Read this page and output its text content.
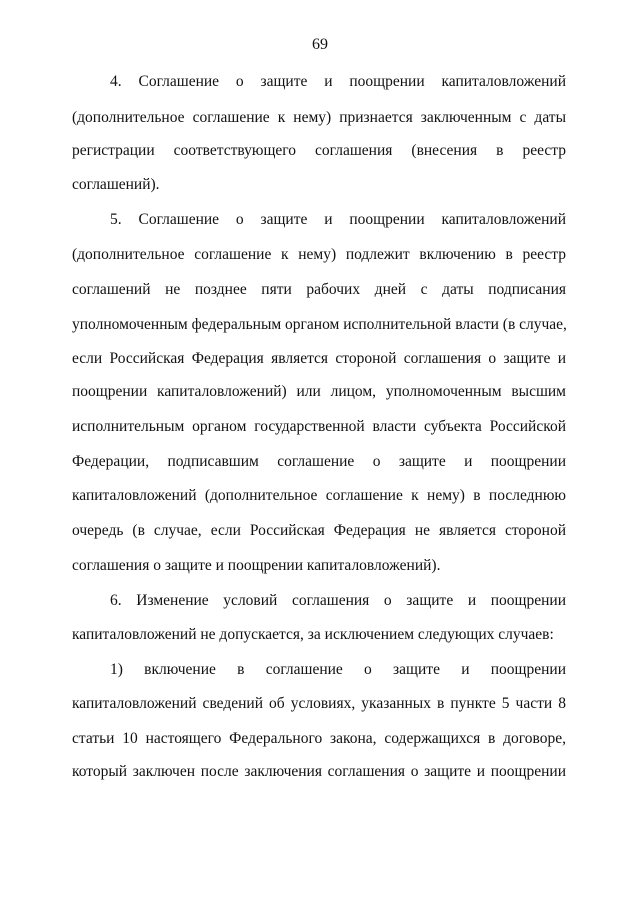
69
4. Соглашение о защите и поощрении капиталовложений
(дополнительное соглашение к нему) признается заключенным с даты
регистрации соответствующего соглашения (внесения в реестр
соглашений).
5. Соглашение о защите и поощрении капиталовложений
(дополнительное соглашение к нему) подлежит включению в реестр
соглашений не позднее пяти рабочих дней с даты подписания
уполномоченным федеральным органом исполнительной власти (в случае,
если Российская Федерация является стороной соглашения о защите и
поощрении капиталовложений) или лицом, уполномоченным высшим
исполнительным органом государственной власти субъекта Российской
Федерации, подписавшим соглашение о защите и поощрении
капиталовложений (дополнительное соглашение к нему) в последнюю
очередь (в случае, если Российская Федерация не является стороной
соглашения о защите и поощрении капиталовложений).
6. Изменение условий соглашения о защите и поощрении
капиталовложений не допускается, за исключением следующих случаев:
1) включение в соглашение о защите и поощрении
капиталовложений сведений об условиях, указанных в пункте 5 части 8
статьи 10 настоящего Федерального закона, содержащихся в договоре,
который заключен после заключения соглашения о защите и поощрении
